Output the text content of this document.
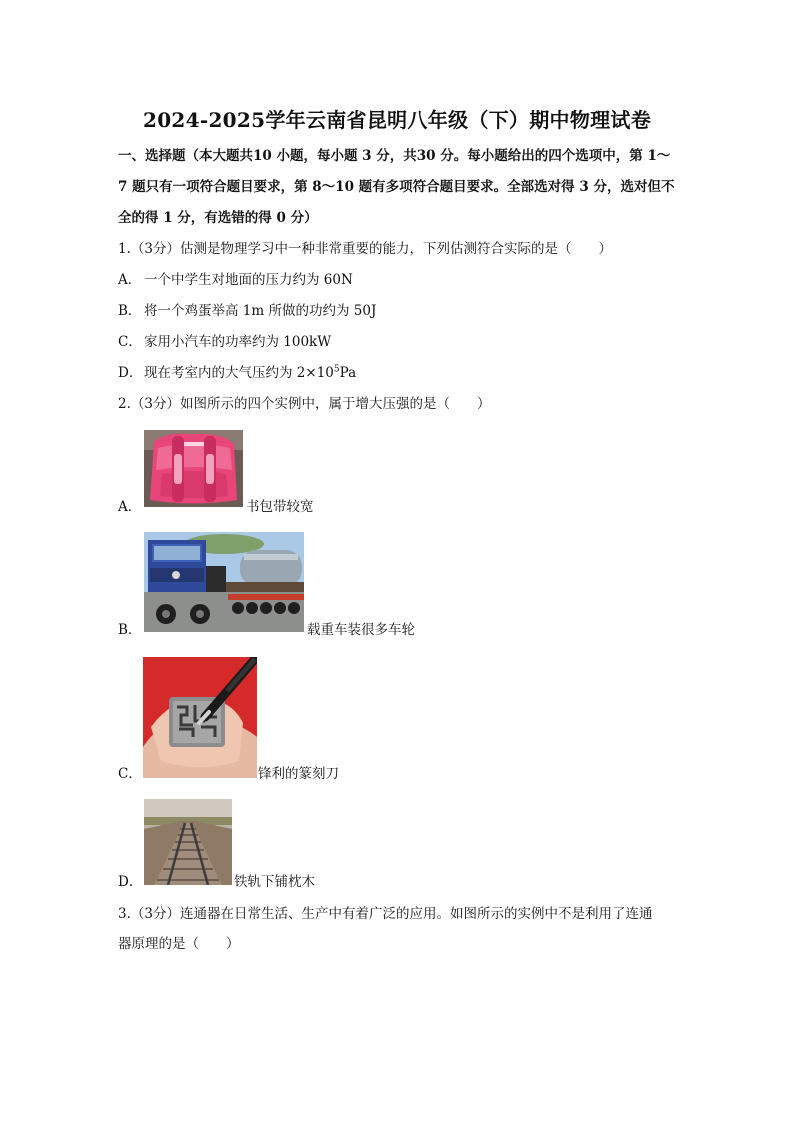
2024-2025学年云南省昆明八年级（下）期中物理试卷
一、选择题（本大题共10 小题，每小题 3 分，共30 分。每小题给出的四个选项中，第 1～
7 题只有一项符合题目要求，第 8～10 题有多项符合题目要求。全部选对得 3 分，选对但不
全的得 1 分，有选错的得 0 分）
1.（3分）估测是物理学习中一种非常重要的能力，下列估测符合实际的是（　　）
A． 一个中学生对地面的压力约为 60N
B． 将一个鸡蛋举高 1m 所做的功约为 50J
C． 家用小汽车的功率约为 100kW
D． 现在考室内的大气压约为 $2\times 10^5Pa$
2.（3分）如图所示的四个实例中，属于增大压强的是（　　）
A．	书包带较宽
B．	载重车装很多车轮
C．	锋利的篆刻刀
D．	铁轨下铺枕木
3.（3分）连通器在日常生活、生产中有着广泛的应用。如图所示的实例中不是利用了连通
器原理的是（　　）
